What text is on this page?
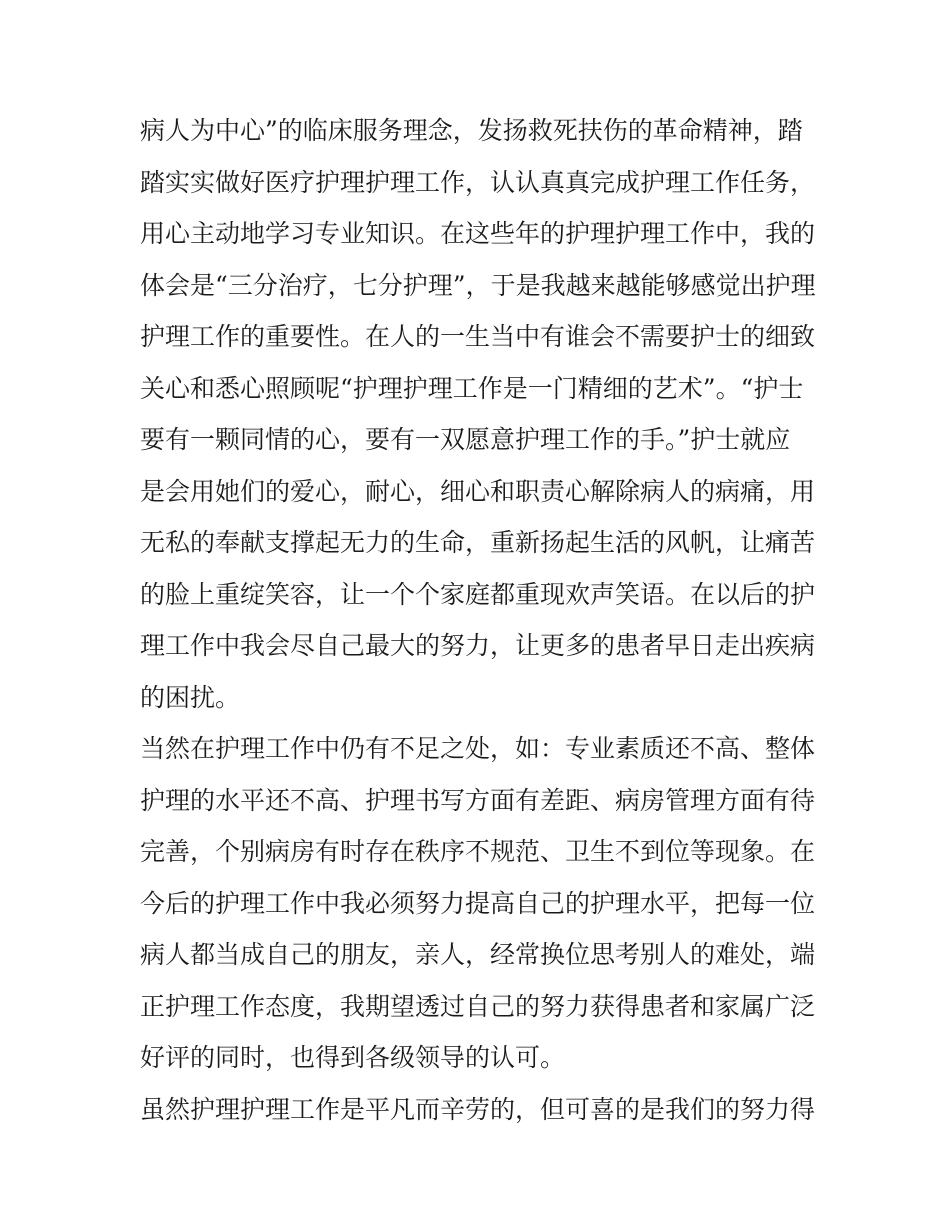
病人为中心”的临床服务理念，发扬救死扶伤的革命精神，踏
踏实实做好医疗护理护理工作，认认真真完成护理工作任务，
用心主动地学习专业知识。在这些年的护理护理工作中，我的
体会是“三分治疗，七分护理”，于是我越来越能够感觉出护理
护理工作的重要性。在人的一生当中有谁会不需要护士的细致
关心和悉心照顾呢“护理护理工作是一门精细的艺术”。“护士
要有一颗同情的心，要有一双愿意护理工作的手。”护士就应
是会用她们的爱心，耐心，细心和职责心解除病人的病痛，用
无私的奉献支撑起无力的生命，重新扬起生活的风帆，让痛苦
的脸上重绽笑容，让一个个家庭都重现欢声笑语。在以后的护
理工作中我会尽自己最大的努力，让更多的患者早日走出疾病
的困扰。
当然在护理工作中仍有不足之处，如：专业素质还不高、整体
护理的水平还不高、护理书写方面有差距、病房管理方面有待
完善，个别病房有时存在秩序不规范、卫生不到位等现象。在
今后的护理工作中我必须努力提高自己的护理水平，把每一位
病人都当成自己的朋友，亲人，经常换位思考别人的难处，端
正护理工作态度，我期望透过自己的努力获得患者和家属广泛
好评的同时，也得到各级领导的认可。
虽然护理护理工作是平凡而辛劳的，但可喜的是我们的努力得
